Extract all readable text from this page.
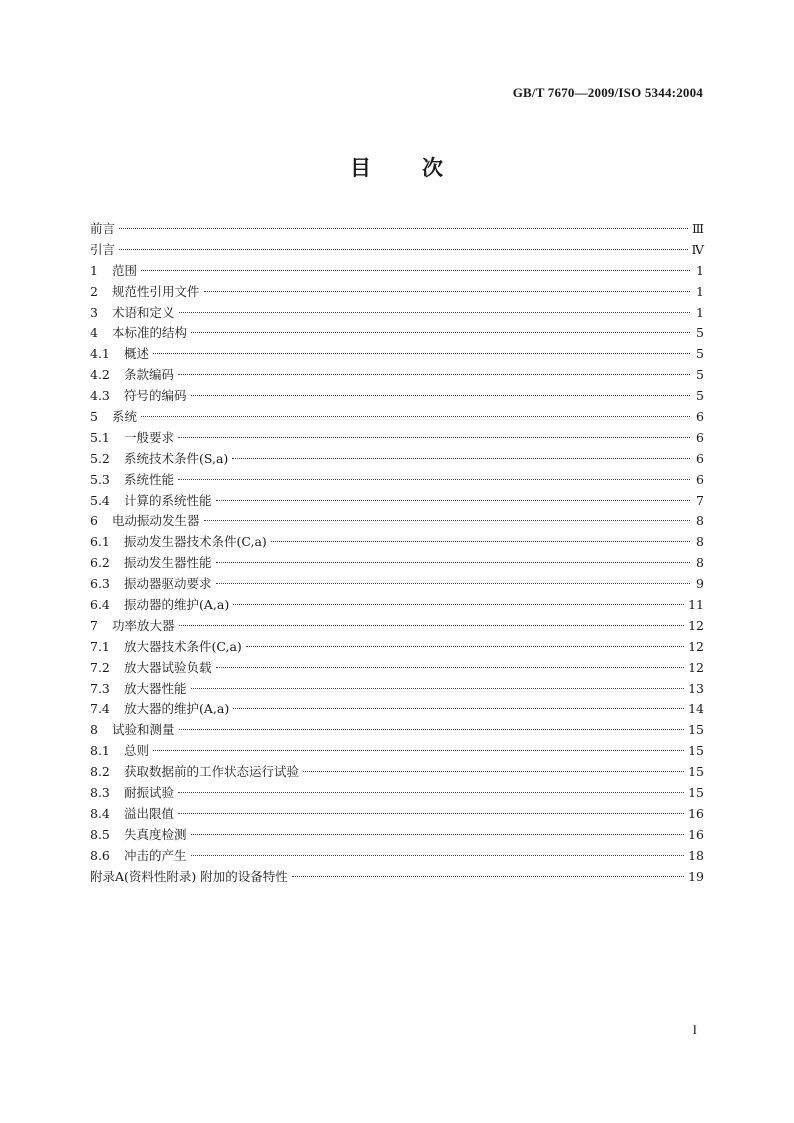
GB/T 7670—2009/ISO 5344:2004
目 次
前言	Ⅲ
引言	Ⅳ
1 范围	1
2 规范性引用文件	1
3 术语和定义	1
4 本标准的结构	5
4.1 概述	5
4.2 条款编码	5
4.3 符号的编码	5
5 系统	6
5.1 一般要求	6
5.2 系统技术条件(S,a)	6
5.3 系统性能	6
5.4 计算的系统性能	7
6 电动振动发生器	8
6.1 振动发生器技术条件(C,a)	8
6.2 振动发生器性能	8
6.3 振动器驱动要求	9
6.4 振动器的维护(A,a)	11
7 功率放大器	12
7.1 放大器技术条件(C,a)	12
7.2 放大器试验负载	12
7.3 放大器性能	13
7.4 放大器的维护(A,a)	14
8 试验和测量	15
8.1 总则	15
8.2 获取数据前的工作状态运行试验	15
8.3 耐振试验	15
8.4 溢出限值	16
8.5 失真度检测	16
8.6 冲击的产生	18
附录A(资料性附录) 附加的设备特性	19
I
